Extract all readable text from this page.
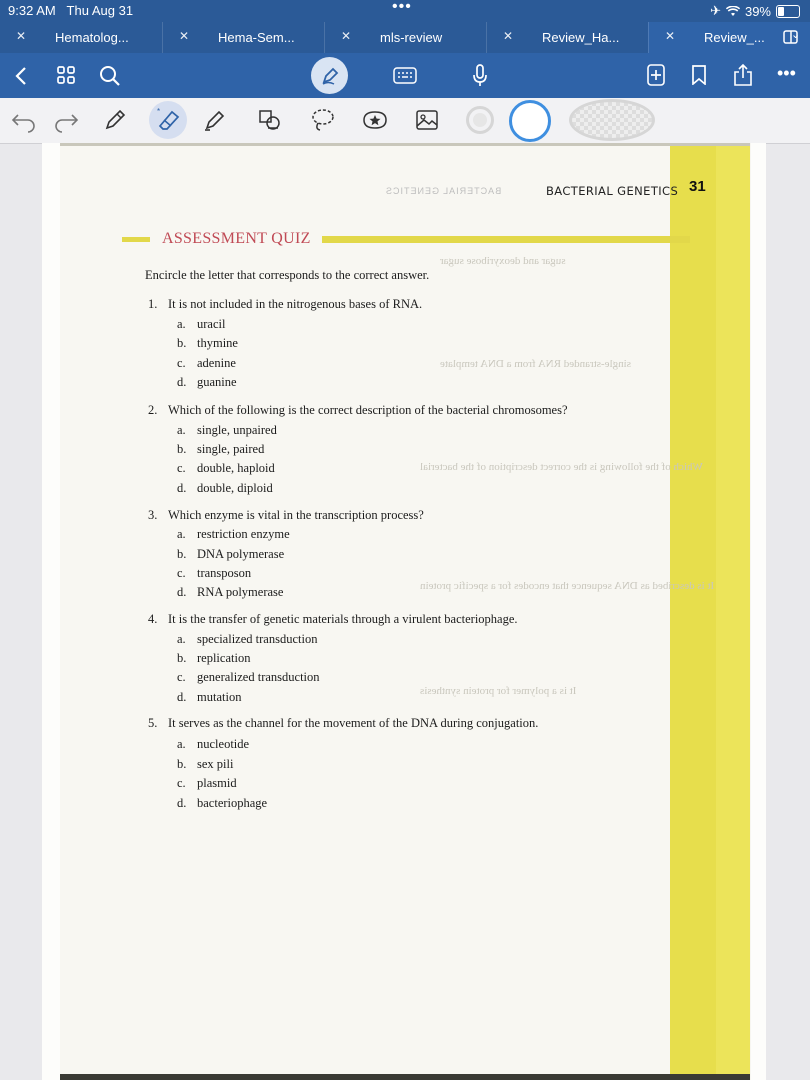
9:32 AM Thu Aug 31	•••	✈ 39%
✕ Hematolog...	✕ Hema-Sem...	✕ mls-review	✕ Review_Ha...	✕ Review_... ⌄
•••
*
sugar and deoxyribose sugar
single-stranded RNA from a DNA template
Which of the following is the correct description of the bacterial
It is described as DNA sequence that encodes for a specific protein
It is a polymer for protein synthesis
BACTERIAL GENETICS	BACTERIAL GENETICS 31
ASSESSMENT QUIZ
Encircle the letter that corresponds to the correct answer.
1. It is not included in the nitrogenous bases of RNA.
a. uracil
b. thymine
c. adenine
d. guanine
2. Which of the following is the correct description of the bacterial chromosomes?
a. single, unpaired
b. single, paired
c. double, haploid
d. double, diploid
3. Which enzyme is vital in the transcription process?
a. restriction enzyme
b. DNA polymerase
c. transposon
d. RNA polymerase
4. It is the transfer of genetic materials through a virulent bacteriophage.
a. specialized transduction
b. replication
c. generalized transduction
d. mutation
5. It serves as the channel for the movement of the DNA during conjugation.
a. nucleotide
b. sex pili
c. plasmid
d. bacteriophage
